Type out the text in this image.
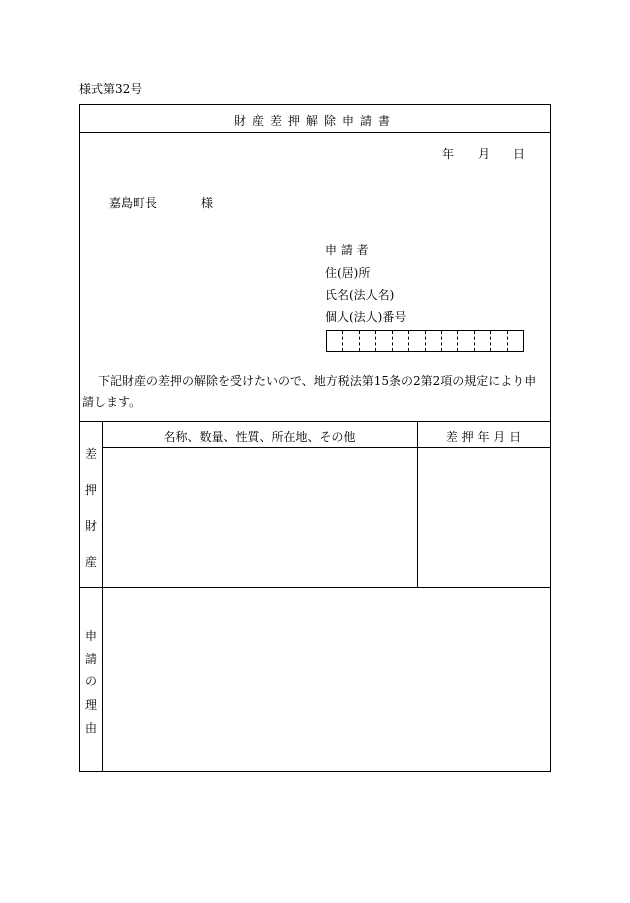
様式第32号
財産差押解除申請書
年 月 日
嘉島町長	様
申 請 者
住(居)所
氏名(法人名)
個人(法人)番号
下記財産の差押の解除を受けたいので、地方税法第15条の2第2項の規定により申請します。
名称、数量、性質、所在地、その他	差 押 年 月 日
差
押
財
産
申
請
の
理
由
